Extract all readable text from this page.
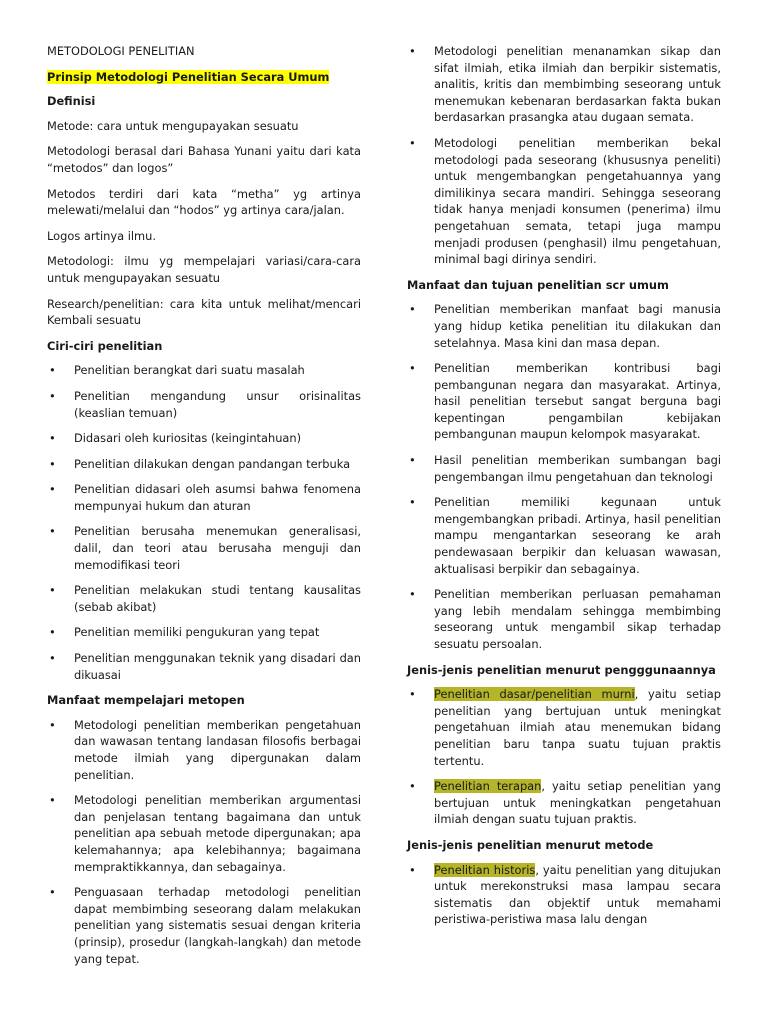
METODOLOGI PENELITIAN

Prinsip Metodologi Penelitian Secara Umum

Definisi

Metode: cara untuk mengupayakan sesuatu

Metodologi berasal dari Bahasa Yunani yaitu dari kata “metodos” dan logos”

Metodos terdiri dari kata “metha” yg artinya melewati/melalui dan “hodos” yg artinya cara/jalan.

Logos artinya ilmu.

Metodologi: ilmu yg mempelajari variasi/cara-cara untuk mengupayakan sesuatu

Research/penelitian: cara kita untuk melihat/mencari Kembali sesuatu

Ciri-ciri penelitian

• Penelitian berangkat dari suatu masalah
• Penelitian mengandung unsur orisinalitas (keaslian temuan)
• Didasari oleh kuriositas (keingintahuan)
• Penelitian dilakukan dengan pandangan terbuka
• Penelitian didasari oleh asumsi bahwa fenomena mempunyai hukum dan aturan
• Penelitian berusaha menemukan generalisasi, dalil, dan teori atau berusaha menguji dan memodifikasi teori
• Penelitian melakukan studi tentang kausalitas (sebab akibat)
• Penelitian memiliki pengukuran yang tepat
• Penelitian menggunakan teknik yang disadari dan dikuasai

Manfaat mempelajari metopen

• Metodologi penelitian memberikan pengetahuan dan wawasan tentang landasan filosofis berbagai metode ilmiah yang dipergunakan dalam penelitian.
• Metodologi penelitian memberikan argumentasi dan penjelasan tentang bagaimana dan untuk penelitian apa sebuah metode dipergunakan; apa kelemahannya; apa kelebihannya; bagaimana mempraktikkannya, dan sebagainya.
• Penguasaan terhadap metodologi penelitian dapat membimbing seseorang dalam melakukan penelitian yang sistematis sesuai dengan kriteria (prinsip), prosedur (langkah-langkah) dan metode yang tepat.
• Metodologi penelitian menanamkan sikap dan sifat ilmiah, etika ilmiah dan berpikir sistematis, analitis, kritis dan membimbing seseorang untuk menemukan kebenaran berdasarkan fakta bukan berdasarkan prasangka atau dugaan semata.
• Metodologi penelitian memberikan bekal metodologi pada seseorang (khususnya peneliti) untuk mengembangkan pengetahuannya yang dimilikinya secara mandiri. Sehingga seseorang tidak hanya menjadi konsumen (penerima) ilmu pengetahuan semata, tetapi juga mampu menjadi produsen (penghasil) ilmu pengetahuan, minimal bagi dirinya sendiri.

Manfaat dan tujuan penelitian scr umum

• Penelitian memberikan manfaat bagi manusia yang hidup ketika penelitian itu dilakukan dan setelahnya. Masa kini dan masa depan.
• Penelitian memberikan kontribusi bagi pembangunan negara dan masyarakat. Artinya, hasil penelitian tersebut sangat berguna bagi kepentingan pengambilan kebijakan pembangunan maupun kelompok masyarakat.
• Hasil penelitian memberikan sumbangan bagi pengembangan ilmu pengetahuan dan teknologi
• Penelitian memiliki kegunaan untuk mengembangkan pribadi. Artinya, hasil penelitian mampu mengantarkan seseorang ke arah pendewasaan berpikir dan keluasan wawasan, aktualisasi berpikir dan sebagainya.
• Penelitian memberikan perluasan pemahaman yang lebih mendalam sehingga membimbing seseorang untuk mengambil sikap terhadap sesuatu persoalan.

Jenis-jenis penelitian menurut pengggunaannya

• Penelitian dasar/penelitian murni, yaitu setiap penelitian yang bertujuan untuk meningkat pengetahuan ilmiah atau menemukan bidang penelitian baru tanpa suatu tujuan praktis tertentu.
• Penelitian terapan, yaitu setiap penelitian yang bertujuan untuk meningkatkan pengetahuan ilmiah dengan suatu tujuan praktis.

Jenis-jenis penelitian menurut metode

• Penelitian historis, yaitu penelitian yang ditujukan untuk merekonstruksi masa lampau secara sistematis dan objektif untuk memahami peristiwa-peristiwa masa lalu dengan
